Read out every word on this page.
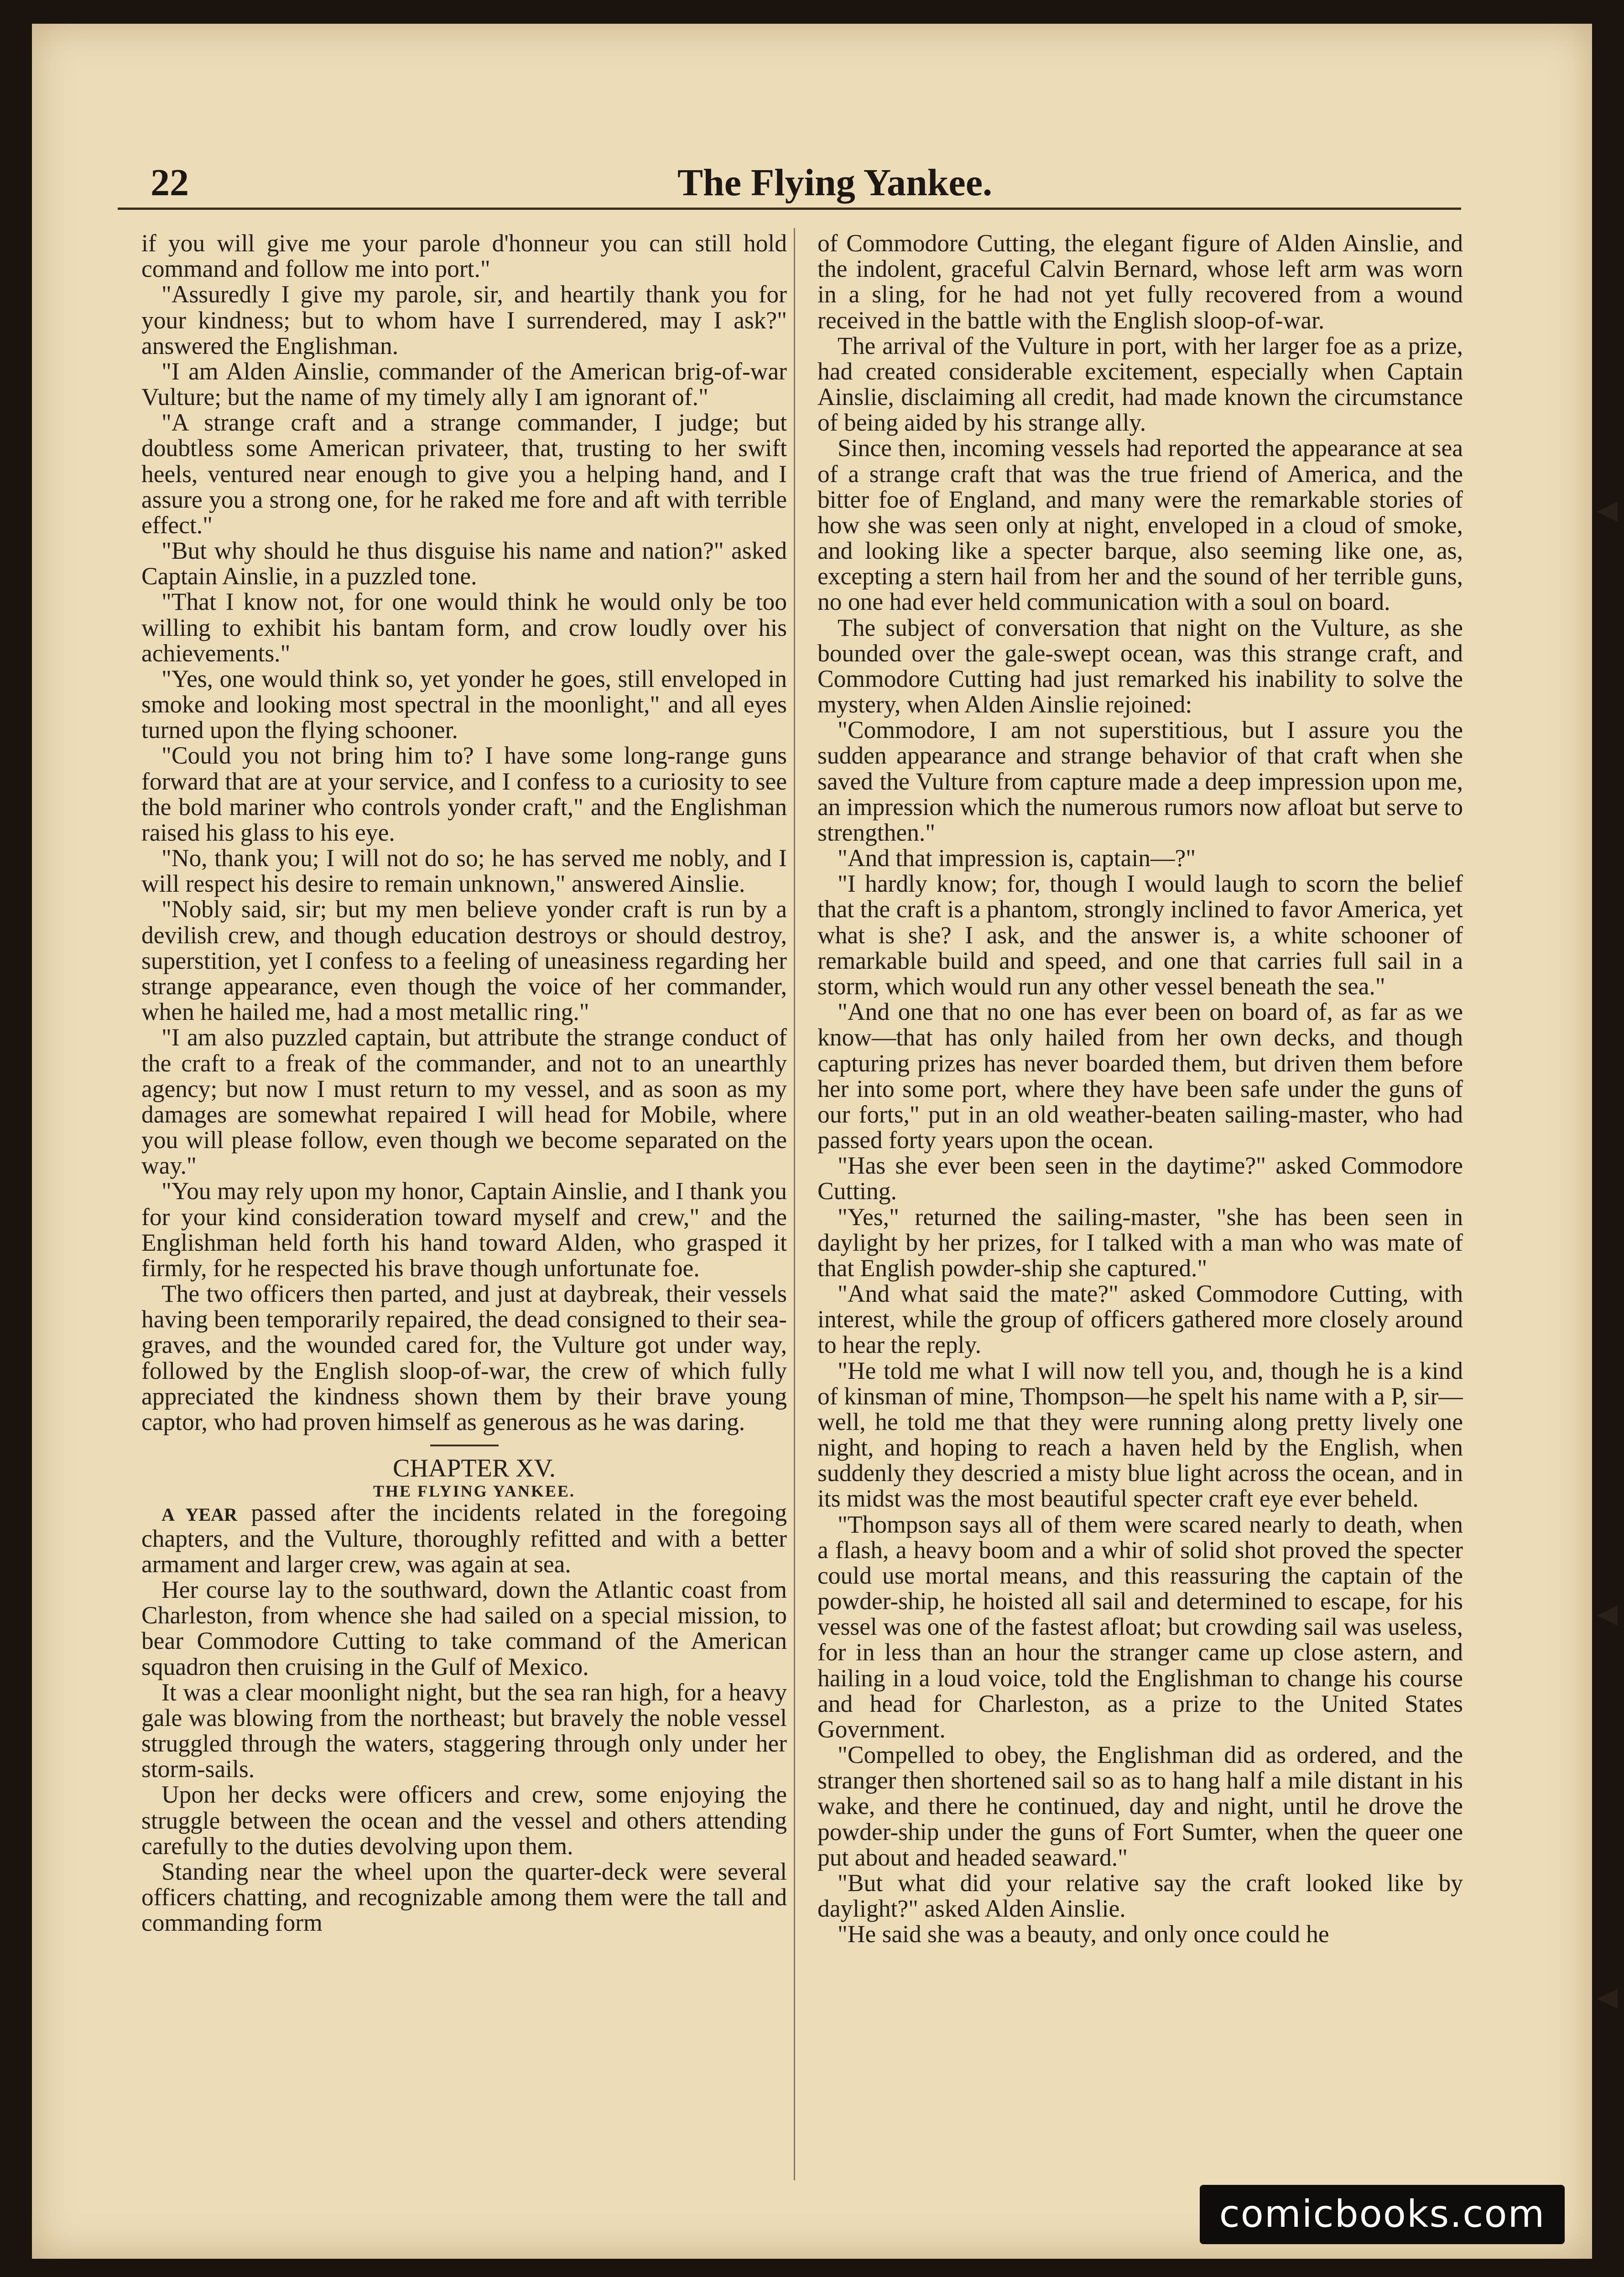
22	The Flying Yankee.

if you will give me your parole d'honneur you can still hold command and follow me into port."

"Assuredly I give my parole, sir, and heartily thank you for your kindness; but to whom have I surrendered, may I ask?" answered the Englishman.

"I am Alden Ainslie, commander of the American brig-of-war Vulture; but the name of my timely ally I am ignorant of."

"A strange craft and a strange commander, I judge; but doubtless some American privateer, that, trusting to her swift heels, ventured near enough to give you a helping hand, and I assure you a strong one, for he raked me fore and aft with terrible effect."

"But why should he thus disguise his name and nation?" asked Captain Ainslie, in a puzzled tone.

"That I know not, for one would think he would only be too willing to exhibit his bantam form, and crow loudly over his achievements."

"Yes, one would think so, yet yonder he goes, still enveloped in smoke and looking most spectral in the moonlight," and all eyes turned upon the flying schooner.

"Could you not bring him to? I have some long-range guns forward that are at your service, and I confess to a curiosity to see the bold mariner who controls yonder craft," and the Englishman raised his glass to his eye.

"No, thank you; I will not do so; he has served me nobly, and I will respect his desire to remain unknown," answered Ainslie.

"Nobly said, sir; but my men believe yonder craft is run by a devilish crew, and though education destroys or should destroy, superstition, yet I confess to a feeling of uneasiness regarding her strange appearance, even though the voice of her commander, when he hailed me, had a most metallic ring."

"I am also puzzled captain, but attribute the strange conduct of the craft to a freak of the commander, and not to an unearthly agency; but now I must return to my vessel, and as soon as my damages are somewhat repaired I will head for Mobile, where you will please follow, even though we become separated on the way."

"You may rely upon my honor, Captain Ainslie, and I thank you for your kind consideration toward myself and crew," and the Englishman held forth his hand toward Alden, who grasped it firmly, for he respected his brave though unfortunate foe.

The two officers then parted, and just at daybreak, their vessels having been temporarily repaired, the dead consigned to their sea-graves, and the wounded cared for, the Vulture got under way, followed by the English sloop-of-war, the crew of which fully appreciated the kindness shown them by their brave young captor, who had proven himself as generous as he was daring.

CHAPTER XV.

THE FLYING YANKEE.

A YEAR passed after the incidents related in the foregoing chapters, and the Vulture, thoroughly refitted and with a better armament and larger crew, was again at sea.

Her course lay to the southward, down the Atlantic coast from Charleston, from whence she had sailed on a special mission, to bear Commodore Cutting to take command of the American squadron then cruising in the Gulf of Mexico.

It was a clear moonlight night, but the sea ran high, for a heavy gale was blowing from the northeast; but bravely the noble vessel struggled through the waters, staggering through only under her storm-sails.

Upon her decks were officers and crew, some enjoying the struggle between the ocean and the vessel and others attending carefully to the duties devolving upon them.

Standing near the wheel upon the quarter-deck were several officers chatting, and recognizable among them were the tall and commanding form

of Commodore Cutting, the elegant figure of Alden Ainslie, and the indolent, graceful Calvin Bernard, whose left arm was worn in a sling, for he had not yet fully recovered from a wound received in the battle with the English sloop-of-war.

The arrival of the Vulture in port, with her larger foe as a prize, had created considerable excitement, especially when Captain Ainslie, disclaiming all credit, had made known the circumstance of being aided by his strange ally.

Since then, incoming vessels had reported the appearance at sea of a strange craft that was the true friend of America, and the bitter foe of England, and many were the remarkable stories of how she was seen only at night, enveloped in a cloud of smoke, and looking like a specter barque, also seeming like one, as, excepting a stern hail from her and the sound of her terrible guns, no one had ever held communication with a soul on board.

The subject of conversation that night on the Vulture, as she bounded over the gale-swept ocean, was this strange craft, and Commodore Cutting had just remarked his inability to solve the mystery, when Alden Ainslie rejoined:

"Commodore, I am not superstitious, but I assure you the sudden appearance and strange behavior of that craft when she saved the Vulture from capture made a deep impression upon me, an impression which the numerous rumors now afloat but serve to strengthen."

"And that impression is, captain—?"

"I hardly know; for, though I would laugh to scorn the belief that the craft is a phantom, strongly inclined to favor America, yet what is she? I ask, and the answer is, a white schooner of remarkable build and speed, and one that carries full sail in a storm, which would run any other vessel beneath the sea."

"And one that no one has ever been on board of, as far as we know—that has only hailed from her own decks, and though capturing prizes has never boarded them, but driven them before her into some port, where they have been safe under the guns of our forts," put in an old weather-beaten sailing-master, who had passed forty years upon the ocean.

"Has she ever been seen in the daytime?" asked Commodore Cutting.

"Yes," returned the sailing-master, "she has been seen in daylight by her prizes, for I talked with a man who was mate of that English powder-ship she captured."

"And what said the mate?" asked Commodore Cutting, with interest, while the group of officers gathered more closely around to hear the reply.

"He told me what I will now tell you, and, though he is a kind of kinsman of mine, Thompson—he spelt his name with a P, sir—well, he told me that they were running along pretty lively one night, and hoping to reach a haven held by the English, when suddenly they descried a misty blue light across the ocean, and in its midst was the most beautiful specter craft eye ever beheld.

"Thompson says all of them were scared nearly to death, when a flash, a heavy boom and a whir of solid shot proved the specter could use mortal means, and this reassuring the captain of the powder-ship, he hoisted all sail and determined to escape, for his vessel was one of the fastest afloat; but crowding sail was useless, for in less than an hour the stranger came up close astern, and hailing in a loud voice, told the Englishman to change his course and head for Charleston, as a prize to the United States Government.

"Compelled to obey, the Englishman did as ordered, and the stranger then shortened sail so as to hang half a mile distant in his wake, and there he continued, day and night, until he drove the powder-ship under the guns of Fort Sumter, when the queer one put about and headed seaward."

"But what did your relative say the craft looked like by daylight?" asked Alden Ainslie.

"He said she was a beauty, and only once could he

comicbooks.com
